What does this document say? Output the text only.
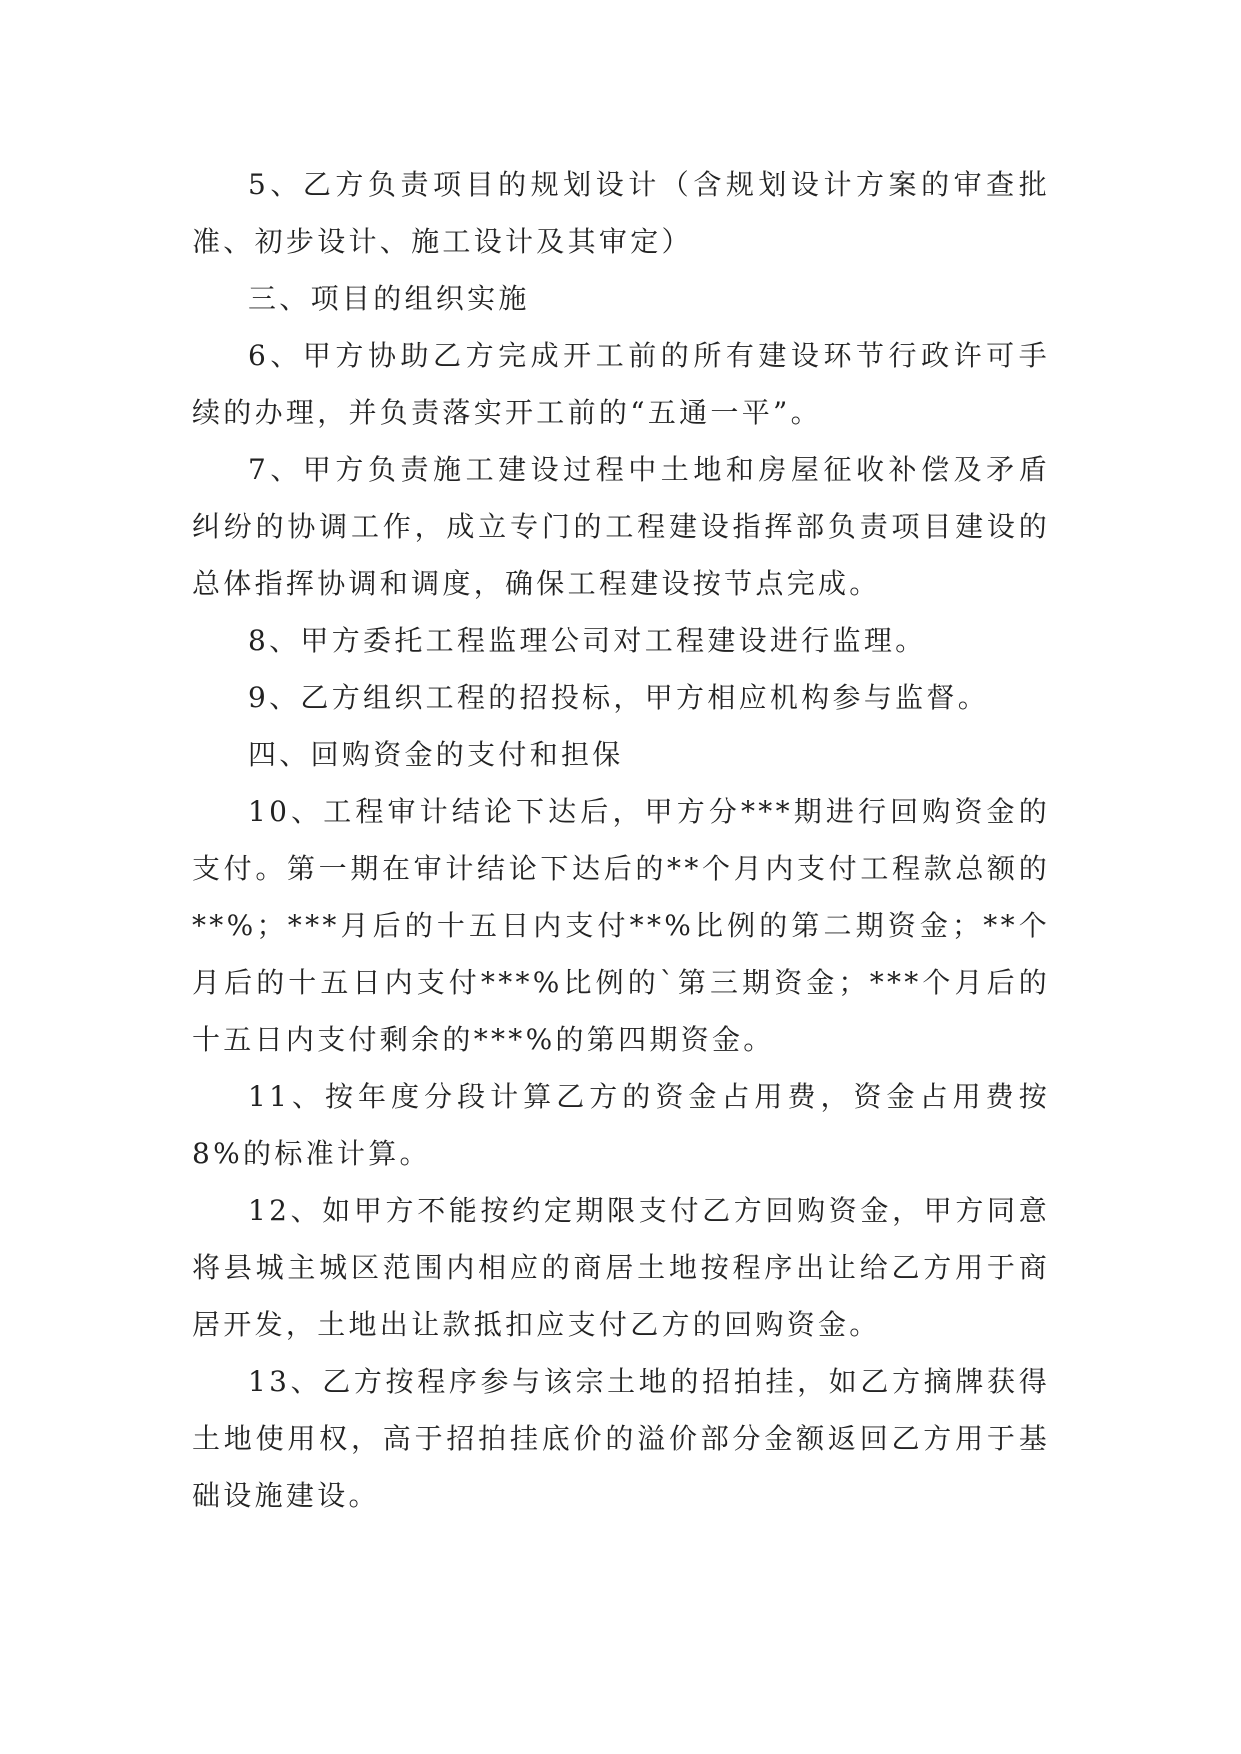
5、乙方负责项目的规划设计（含规划设计方案的审查批准、初步设计、施工设计及其审定）

三、项目的组织实施

6、甲方协助乙方完成开工前的所有建设环节行政许可手续的办理，并负责落实开工前的“五通一平”。

7、甲方负责施工建设过程中土地和房屋征收补偿及矛盾纠纷的协调工作，成立专门的工程建设指挥部负责项目建设的总体指挥协调和调度，确保工程建设按节点完成。

8、甲方委托工程监理公司对工程建设进行监理。

9、乙方组织工程的招投标，甲方相应机构参与监督。

四、回购资金的支付和担保

10、工程审计结论下达后，甲方分***期进行回购资金的支付。第一期在审计结论下达后的**个月内支付工程款总额的**%；***月后的十五日内支付**%比例的第二期资金；**个月后的十五日内支付***%比例的`第三期资金；***个月后的十五日内支付剩余的***%的第四期资金。

11、按年度分段计算乙方的资金占用费，资金占用费按8%的标准计算。

12、如甲方不能按约定期限支付乙方回购资金，甲方同意将县城主城区范围内相应的商居土地按程序出让给乙方用于商居开发，土地出让款抵扣应支付乙方的回购资金。

13、乙方按程序参与该宗土地的招拍挂，如乙方摘牌获得土地使用权，高于招拍挂底价的溢价部分金额返回乙方用于基础设施建设。
